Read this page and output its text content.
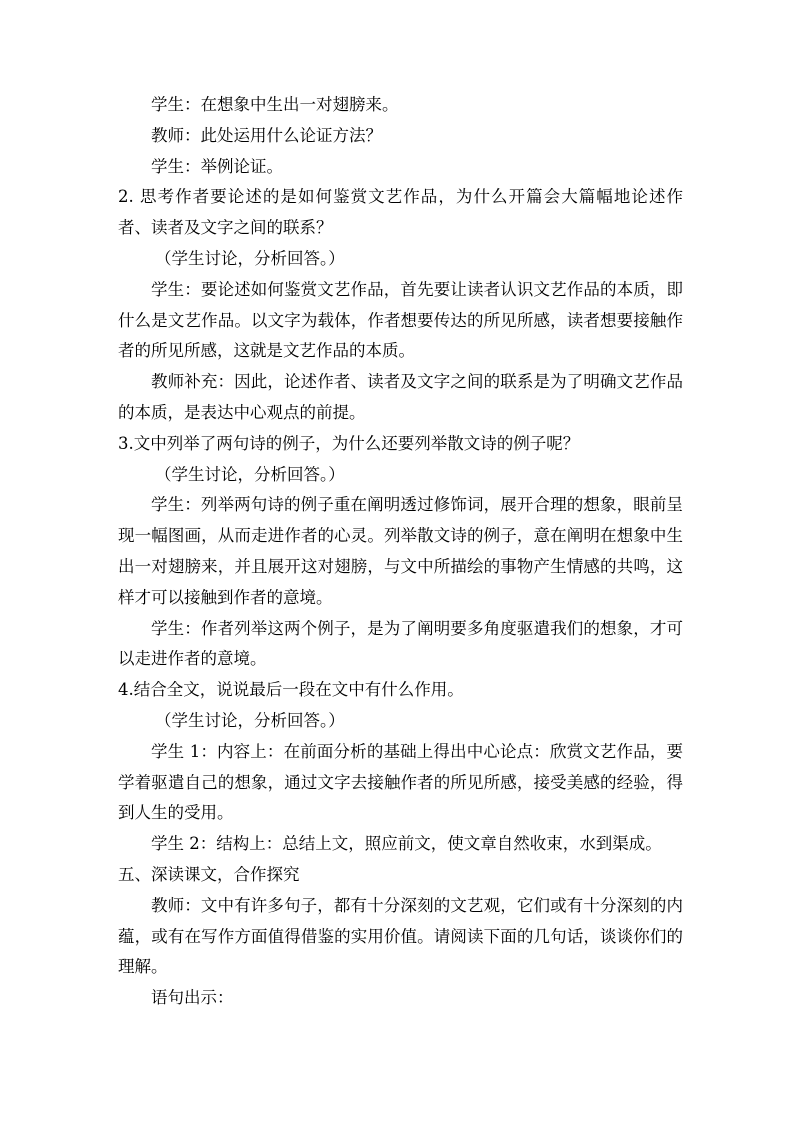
学生：在想象中生出一对翅膀来。

教师：此处运用什么论证方法？

学生：举例论证。

2. 思考作者要论述的是如何鉴赏文艺作品，为什么开篇会大篇幅地论述作者、读者及文字之间的联系？

（学生讨论，分析回答。）

学生：要论述如何鉴赏文艺作品，首先要让读者认识文艺作品的本质，即什么是文艺作品。以文字为载体，作者想要传达的所见所感，读者想要接触作者的所见所感，这就是文艺作品的本质。

教师补充：因此，论述作者、读者及文字之间的联系是为了明确文艺作品的本质，是表达中心观点的前提。

3.文中列举了两句诗的例子，为什么还要列举散文诗的例子呢？

（学生讨论，分析回答。）

学生：列举两句诗的例子重在阐明透过修饰词，展开合理的想象，眼前呈现一幅图画，从而走进作者的心灵。列举散文诗的例子，意在阐明在想象中生出一对翅膀来，并且展开这对翅膀，与文中所描绘的事物产生情感的共鸣，这样才可以接触到作者的意境。

学生：作者列举这两个例子，是为了阐明要多角度驱遣我们的想象，才可以走进作者的意境。

4.结合全文，说说最后一段在文中有什么作用。

（学生讨论，分析回答。）

学生 1：内容上：在前面分析的基础上得出中心论点：欣赏文艺作品，要学着驱遣自己的想象，通过文字去接触作者的所见所感，接受美感的经验，得到人生的受用。

学生 2：结构上：总结上文，照应前文，使文章自然收束，水到渠成。

五、深读课文，合作探究

教师：文中有许多句子，都有十分深刻的文艺观，它们或有十分深刻的内蕴，或有在写作方面值得借鉴的实用价值。请阅读下面的几句话，谈谈你们的理解。

语句出示：
